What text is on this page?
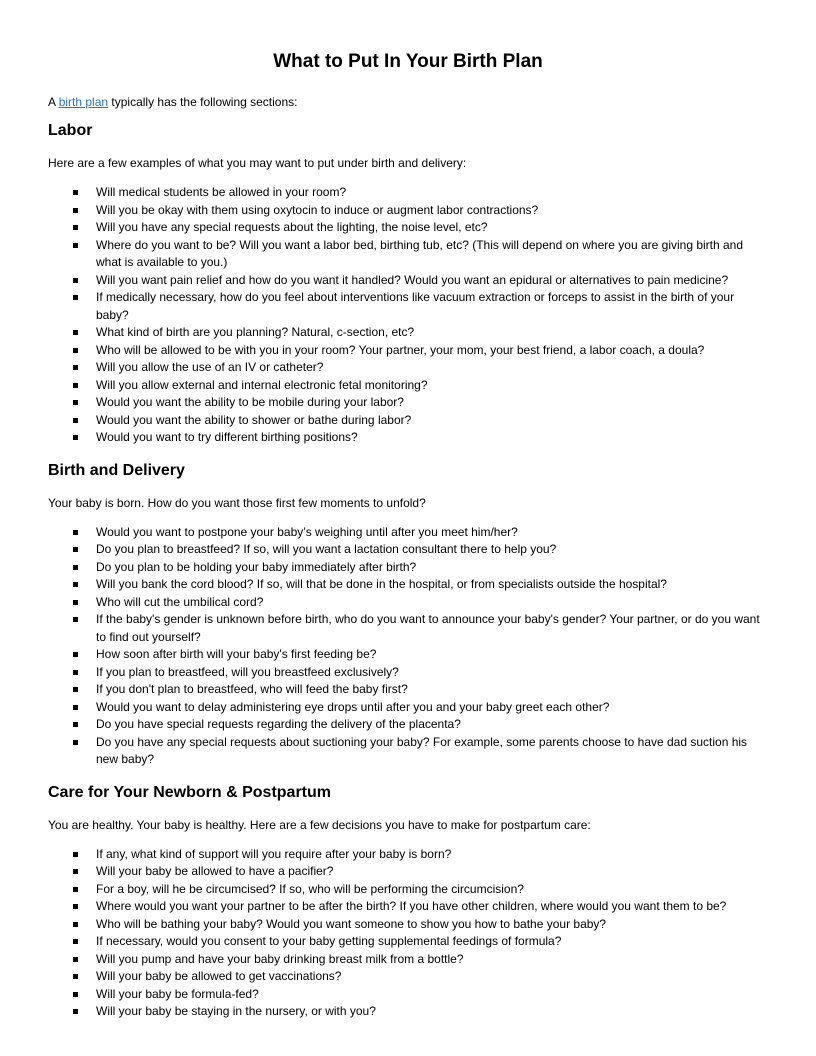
What to Put In Your Birth Plan

A birth plan typically has the following sections:

Labor

Here are a few examples of what you may want to put under birth and delivery:

Will medical students be allowed in your room?
Will you be okay with them using oxytocin to induce or augment labor contractions?
Will you have any special requests about the lighting, the noise level, etc?
Where do you want to be? Will you want a labor bed, birthing tub, etc? (This will depend on where you are giving birth and what is available to you.)
Will you want pain relief and how do you want it handled? Would you want an epidural or alternatives to pain medicine?
If medically necessary, how do you feel about interventions like vacuum extraction or forceps to assist in the birth of your baby?
What kind of birth are you planning? Natural, c-section, etc?
Who will be allowed to be with you in your room? Your partner, your mom, your best friend, a labor coach, a doula?
Will you allow the use of an IV or catheter?
Will you allow external and internal electronic fetal monitoring?
Would you want the ability to be mobile during your labor?
Would you want the ability to shower or bathe during labor?
Would you want to try different birthing positions?
Birth and Delivery

Your baby is born. How do you want those first few moments to unfold?

Would you want to postpone your baby’s weighing until after you meet him/her?
Do you plan to breastfeed? If so, will you want a lactation consultant there to help you?
Do you plan to be holding your baby immediately after birth?
Will you bank the cord blood? If so, will that be done in the hospital, or from specialists outside the hospital?
Who will cut the umbilical cord?
If the baby's gender is unknown before birth, who do you want to announce your baby's gender? Your partner, or do you want to find out yourself?
How soon after birth will your baby's first feeding be?
If you plan to breastfeed, will you breastfeed exclusively?
If you don't plan to breastfeed, who will feed the baby first?
Would you want to delay administering eye drops until after you and your baby greet each other?
Do you have special requests regarding the delivery of the placenta?
Do you have any special requests about suctioning your baby? For example, some parents choose to have dad suction his new baby?
Care for Your Newborn & Postpartum

You are healthy. Your baby is healthy. Here are a few decisions you have to make for postpartum care:

If any, what kind of support will you require after your baby is born?
Will your baby be allowed to have a pacifier?
For a boy, will he be circumcised? If so, who will be performing the circumcision?
Where would you want your partner to be after the birth? If you have other children, where would you want them to be?
Who will be bathing your baby? Would you want someone to show you how to bathe your baby?
If necessary, would you consent to your baby getting supplemental feedings of formula?
Will you pump and have your baby drinking breast milk from a bottle?
Will your baby be allowed to get vaccinations?
Will your baby be formula-fed?
Will your baby be staying in the nursery, or with you?
